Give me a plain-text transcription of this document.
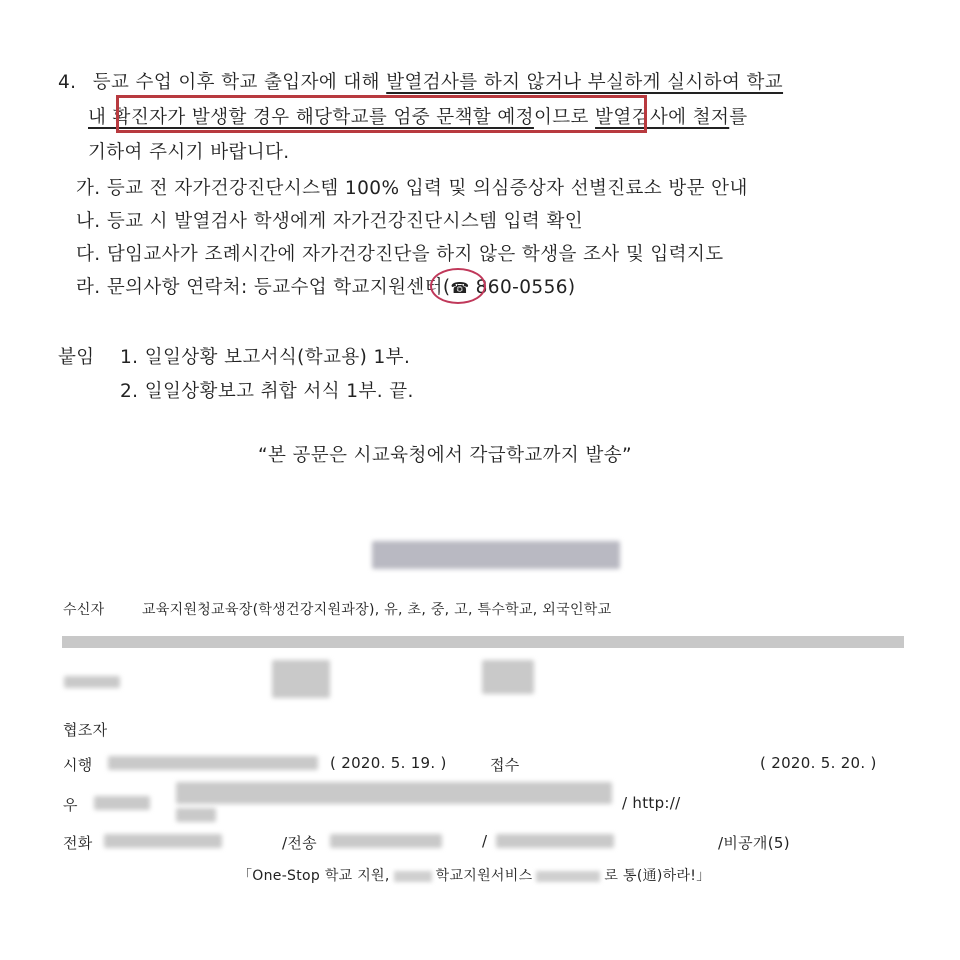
4. 등교 수업 이후 학교 출입자에 대해 발열검사를 하지 않거나 부실하게 실시하여 학교
내 확진자가 발생할 경우 해당학교를 엄중 문책할 예정이므로 발열검사에 철저를
기하여 주시기 바랍니다.
가. 등교 전 자가건강진단시스템 100% 입력 및 의심증상자 선별진료소 방문 안내
나. 등교 시 발열검사 학생에게 자가건강진단시스템 입력 확인
다. 담임교사가 조례시간에 자가건강진단을 하지 않은 학생을 조사 및 입력지도
라. 문의사항 연락처: 등교수업 학교지원센터(☎ 860-0556)
붙임 1. 일일상황 보고서식(학교용) 1부.
2. 일일상황보고 취합 서식 1부. 끝.
“본 공문은 시교육청에서 각급학교까지 발송”
수신자	교육지원청교육장(학생건강지원과장), 유, 초, 중, 고, 특수학교, 외국인학교
협조자
시행	( 2020. 5. 19. )	접수	( 2020. 5. 20. )
우	/ http://
전화	/전송	/	/비공개(5)
「One-Stop 학교 지원,	학교지원서비스	로 통(通)하라!」
